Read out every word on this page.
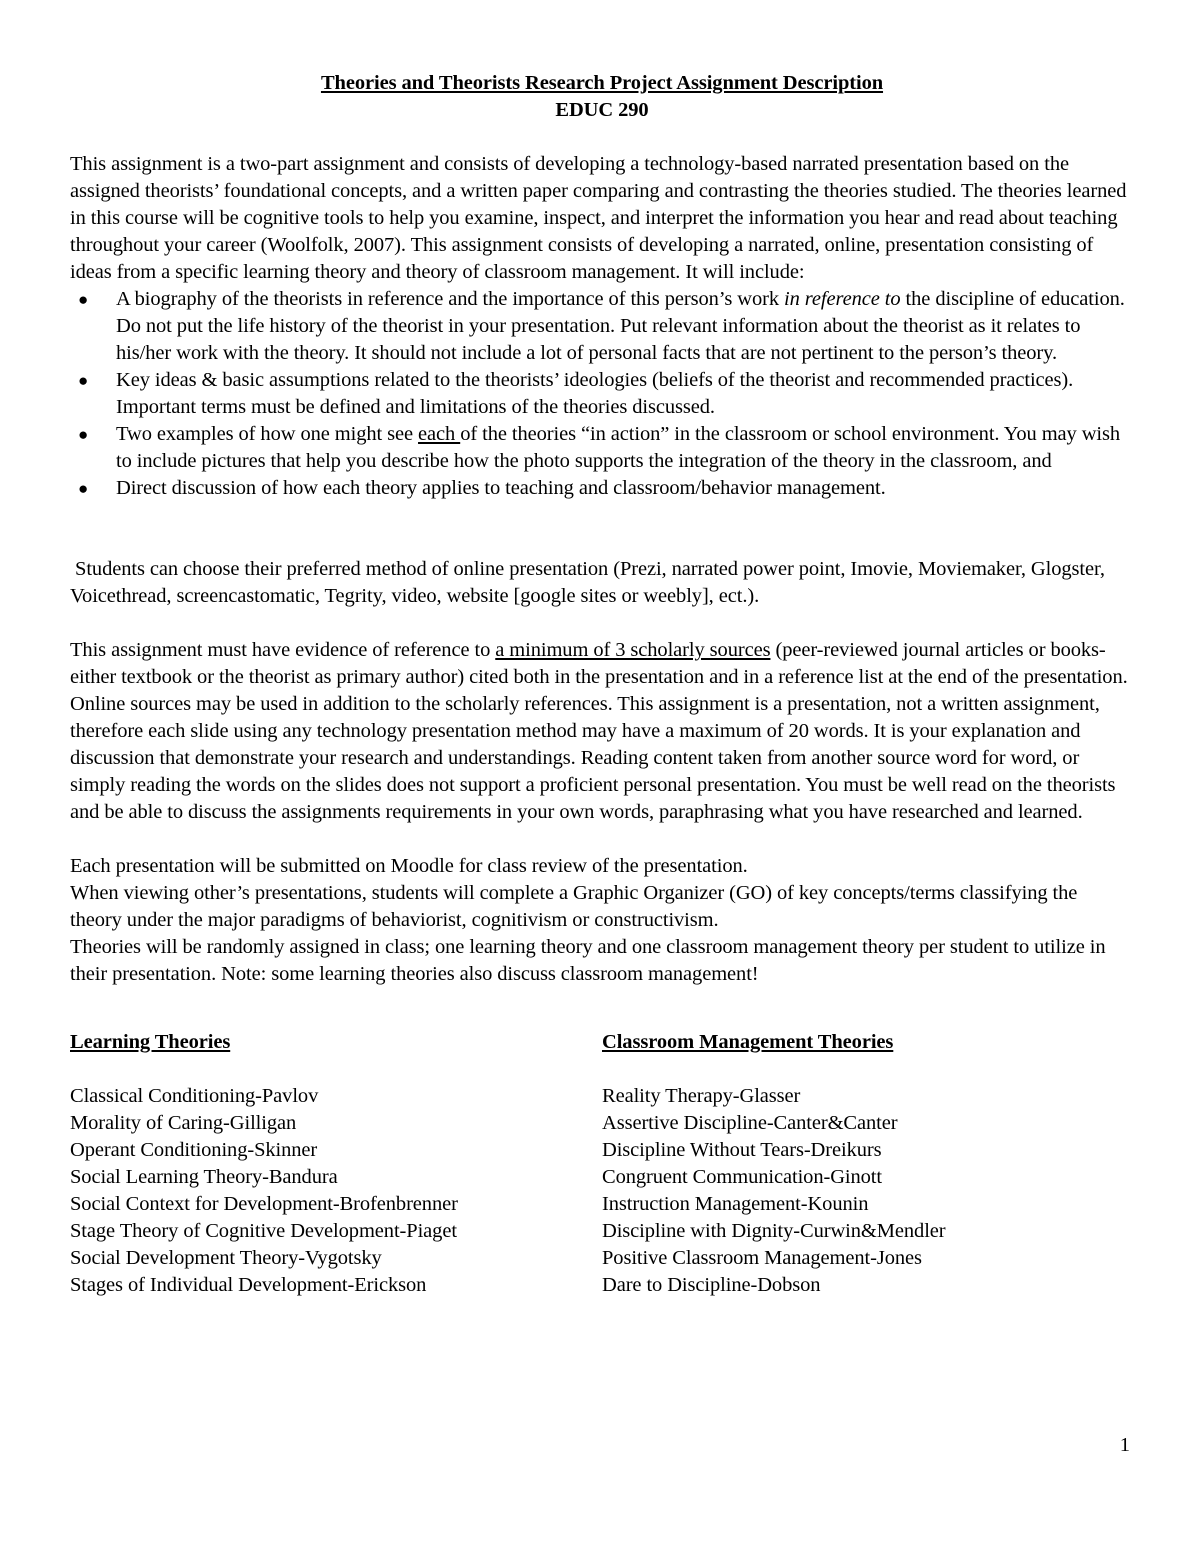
Theories and Theorists Research Project Assignment Description

EDUC 290

This assignment is a two-part assignment and consists of developing a technology-based narrated presentation based on the assigned theorists’ foundational concepts, and a written paper comparing and contrasting the theories studied. The theories learned in this course will be cognitive tools to help you examine, inspect, and interpret the information you hear and read about teaching throughout your career (Woolfolk, 2007). This assignment consists of developing a narrated, online, presentation consisting of ideas from a specific learning theory and theory of classroom management. It will include:

● A biography of the theorists in reference and the importance of this person’s work in reference to the discipline of education. Do not put the life history of the theorist in your presentation. Put relevant information about the theorist as it relates to his/her work with the theory. It should not include a lot of personal facts that are not pertinent to the person’s theory.
● Key ideas & basic assumptions related to the theorists’ ideologies (beliefs of the theorist and recommended practices). Important terms must be defined and limitations of the theories discussed.
● Two examples of how one might see each of the theories “in action” in the classroom or school environment. You may wish to include pictures that help you describe how the photo supports the integration of the theory in the classroom, and
● Direct discussion of how each theory applies to teaching and classroom/behavior management.

Students can choose their preferred method of online presentation (Prezi, narrated power point, Imovie, Moviemaker, Glogster, Voicethread, screencastomatic, Tegrity, video, website [google sites or weebly], ect.).

This assignment must have evidence of reference to a minimum of 3 scholarly sources (peer-reviewed journal articles or books-either textbook or the theorist as primary author) cited both in the presentation and in a reference list at the end of the presentation. Online sources may be used in addition to the scholarly references. This assignment is a presentation, not a written assignment, therefore each slide using any technology presentation method may have a maximum of 20 words. It is your explanation and discussion that demonstrate your research and understandings. Reading content taken from another source word for word, or simply reading the words on the slides does not support a proficient personal presentation. You must be well read on the theorists and be able to discuss the assignments requirements in your own words, paraphrasing what you have researched and learned.

Each presentation will be submitted on Moodle for class review of the presentation.

When viewing other’s presentations, students will complete a Graphic Organizer (GO) of key concepts/terms classifying the theory under the major paradigms of behaviorist, cognitivism or constructivism.

Theories will be randomly assigned in class; one learning theory and one classroom management theory per student to utilize in their presentation. Note: some learning theories also discuss classroom management!

Learning Theories
Classical Conditioning-Pavlov
Morality of Caring-Gilligan
Operant Conditioning-Skinner
Social Learning Theory-Bandura
Social Context for Development-Brofenbrenner
Stage Theory of Cognitive Development-Piaget
Social Development Theory-Vygotsky
Stages of Individual Development-Erickson
Classroom Management Theories
Reality Therapy-Glasser
Assertive Discipline-Canter&Canter
Discipline Without Tears-Dreikurs
Congruent Communication-Ginott
Instruction Management-Kounin
Discipline with Dignity-Curwin&Mendler
Positive Classroom Management-Jones
Dare to Discipline-Dobson
1
